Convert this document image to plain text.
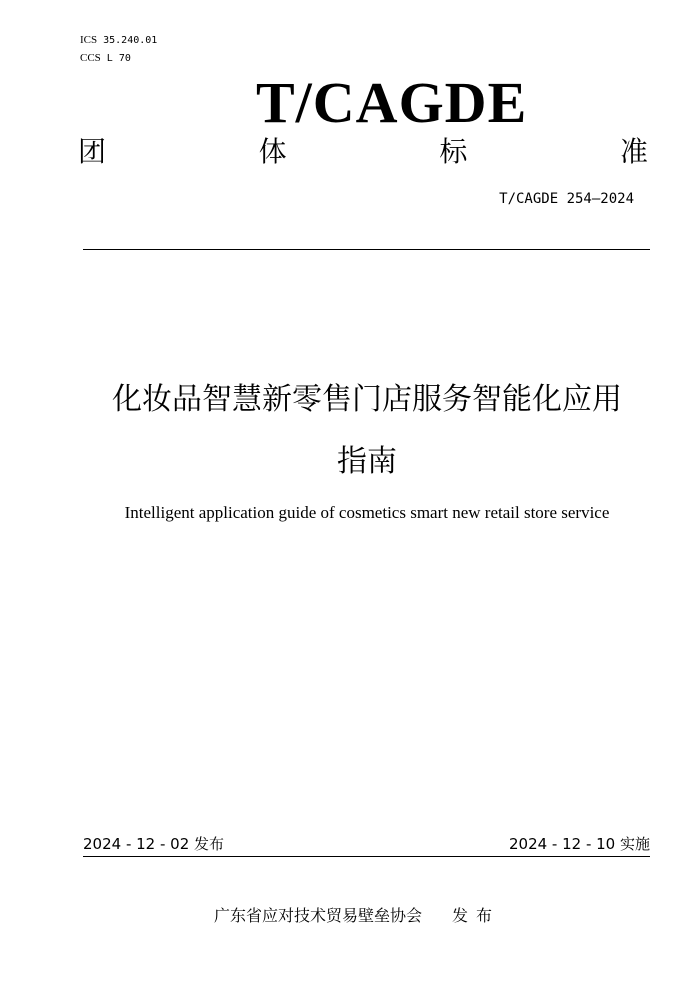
ICS 35.240.01
CCS L 70
T/CAGDE
团	体	标	准
T/CAGDE 254—2024
化妆品智慧新零售门店服务智能化应用
指南
Intelligent application guide of cosmetics smart new retail store service
2024 - 12 - 02 发布	2024 - 12 - 10 实施
广东省应对技术贸易壁垒协会 发布
